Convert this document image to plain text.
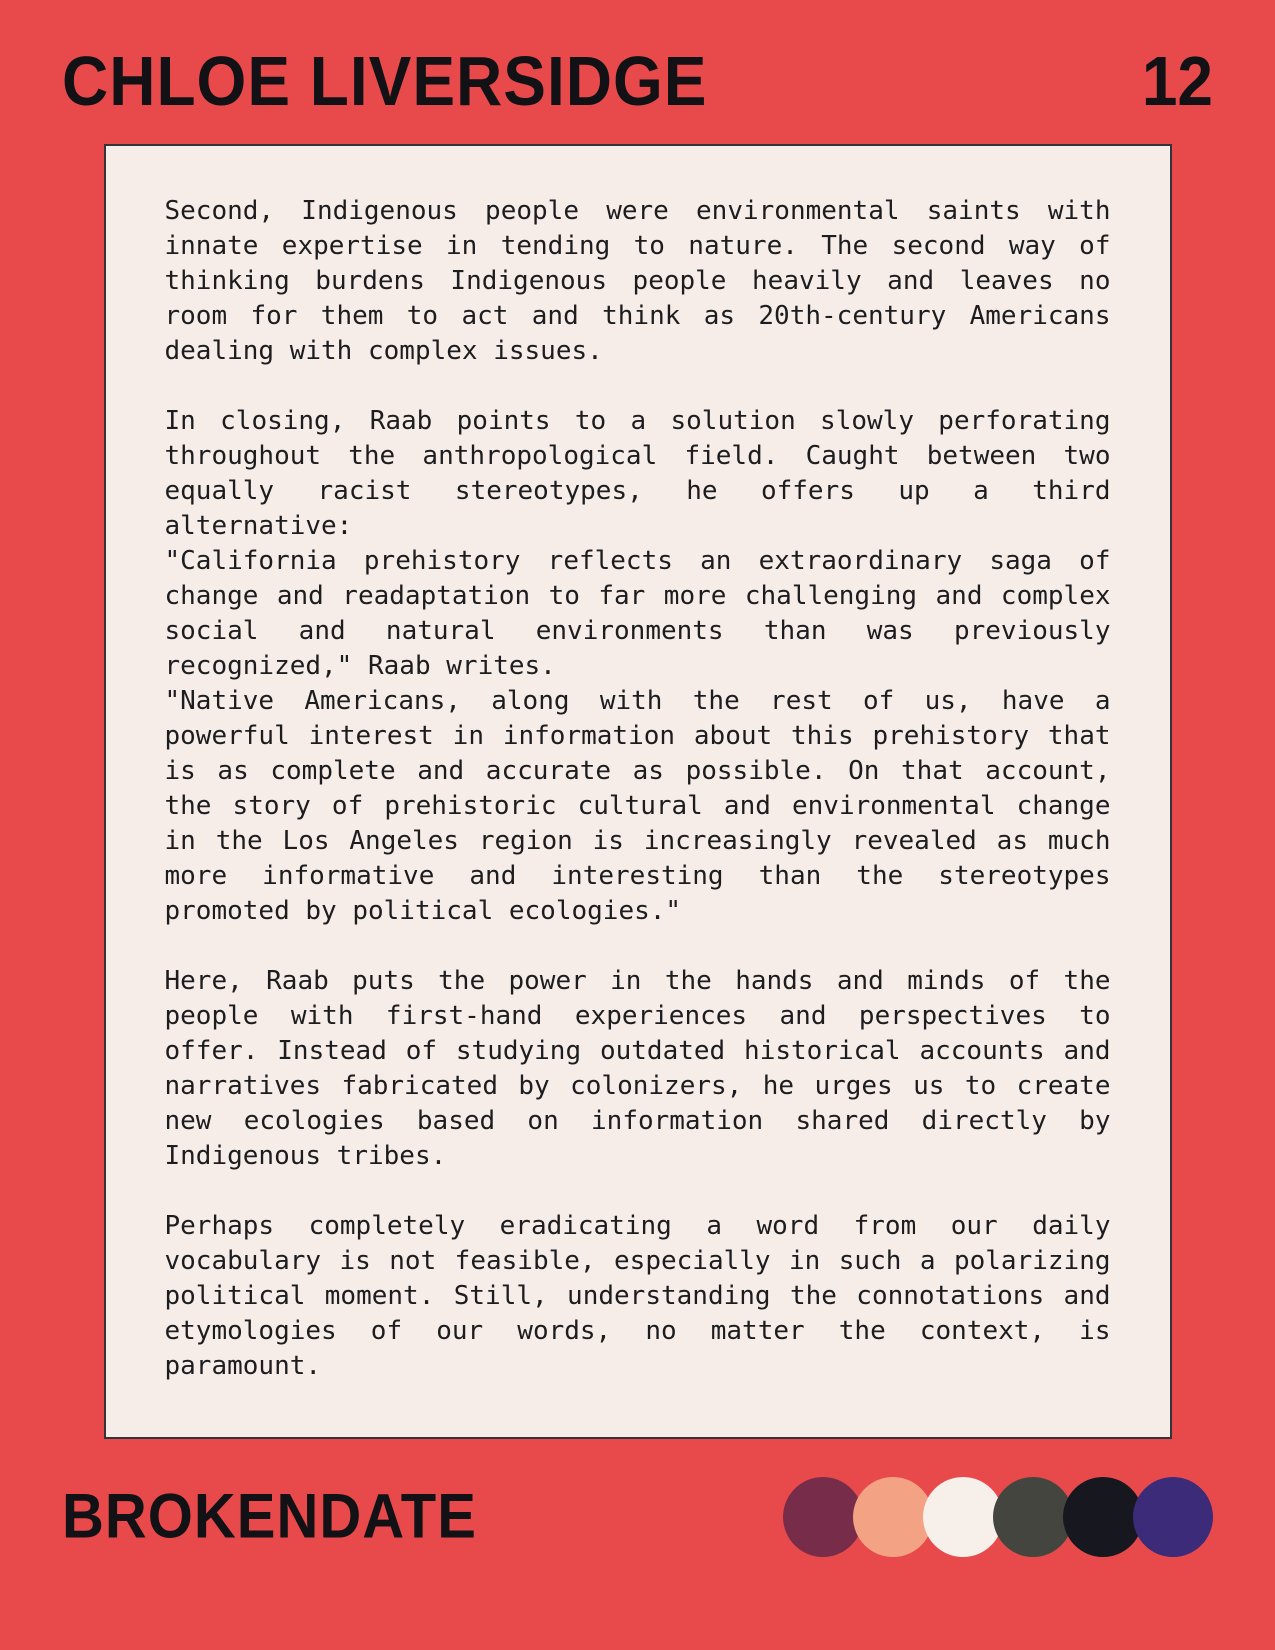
CHLOE LIVERSIDGE	12

Second, Indigenous people were environmental saints with innate expertise in tending to nature. The second way of thinking burdens Indigenous people heavily and leaves no room for them to act and think as 20th-century Americans dealing with complex issues.

In closing, Raab points to a solution slowly perforating throughout the anthropological field. Caught between two equally racist stereotypes, he offers up a third alternative:

"California prehistory reflects an extraordinary saga of change and readaptation to far more challenging and complex social and natural environments than was previously recognized," Raab writes.

"Native Americans, along with the rest of us, have a powerful interest in information about this prehistory that is as complete and accurate as possible. On that account, the story of prehistoric cultural and environmental change in the Los Angeles region is increasingly revealed as much more informative and interesting than the stereotypes promoted by political ecologies."

Here, Raab puts the power in the hands and minds of the people with first-hand experiences and perspectives to offer. Instead of studying outdated historical accounts and narratives fabricated by colonizers, he urges us to create new ecologies based on information shared directly by Indigenous tribes.

Perhaps completely eradicating a word from our daily vocabulary is not feasible, especially in such a polarizing political moment. Still, understanding the connotations and etymologies of our words, no matter the context, is paramount.

BROKENDATE
